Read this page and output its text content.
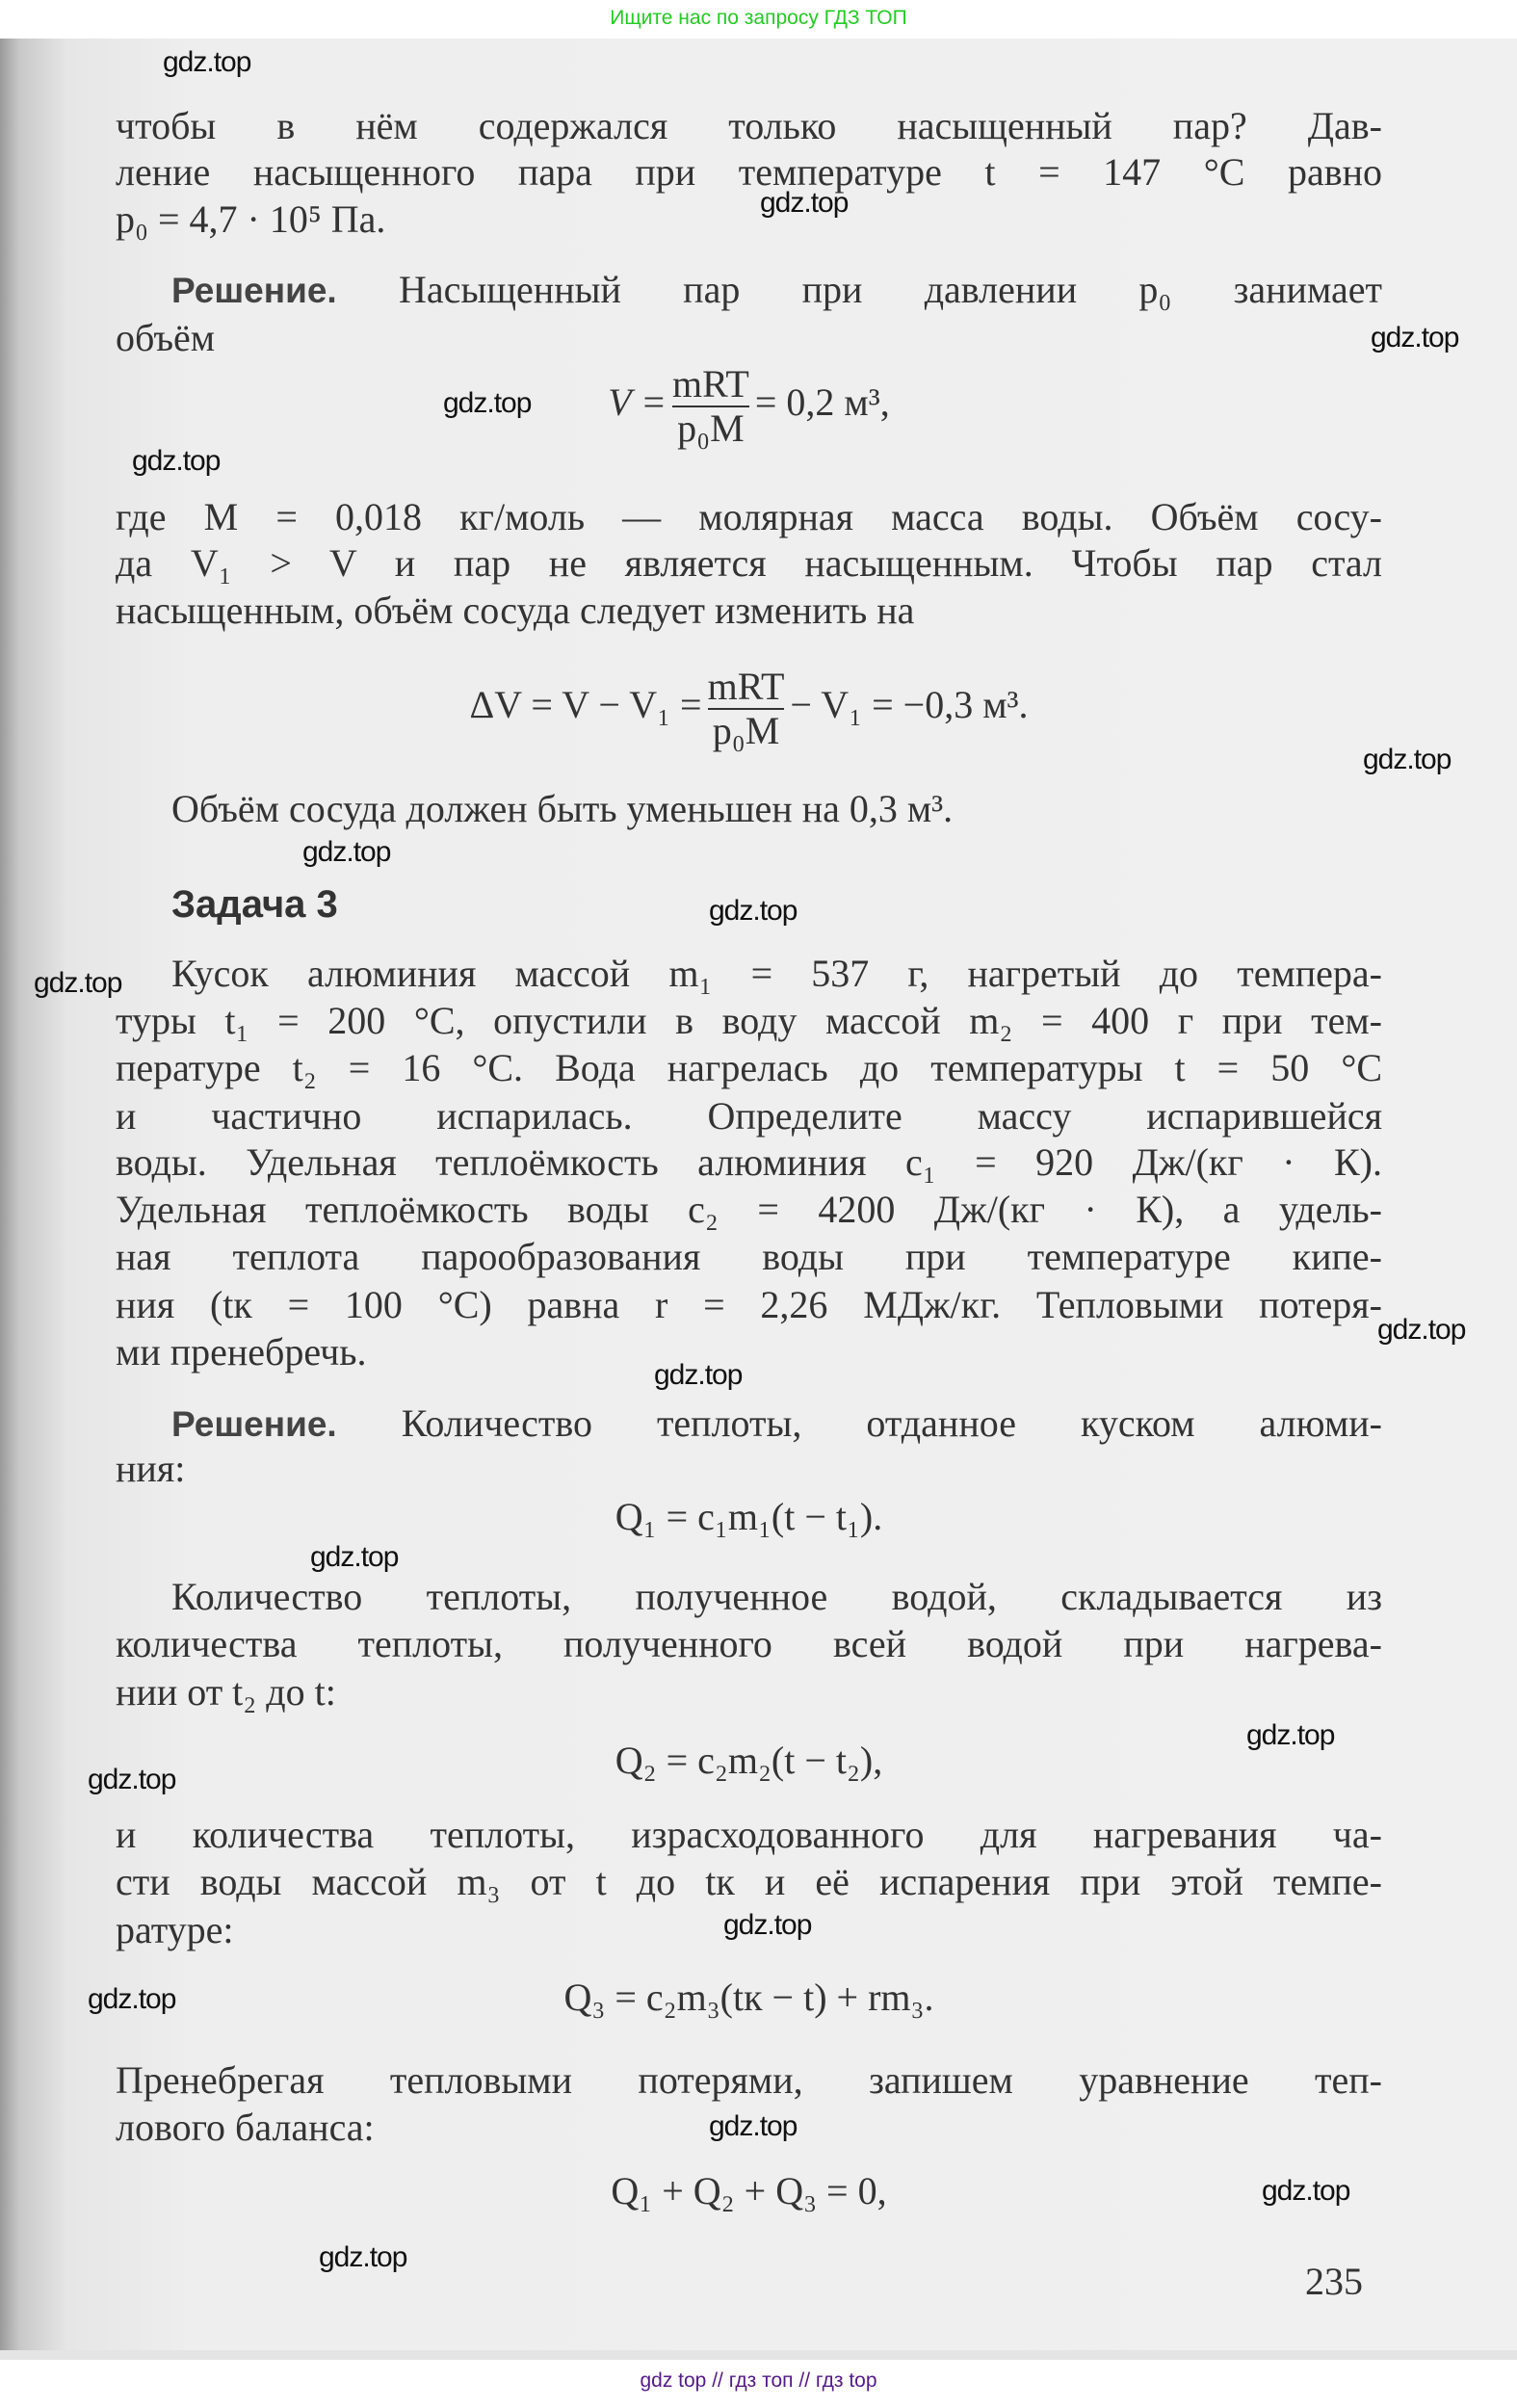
Ищите нас по запросу ГДЗ ТОП
чтобы в нём содержался только насыщенный пар? Дав-
ление насыщенного пара при температуре t = 147 °C равно
p₀ = 4,7 · 10⁵ Па.
Решение. Насыщенный пар при давлении p₀ занимает
объём
$V = \frac{\text{mRT}}{\text{p₀M}} = 0,2$ м³,
где M = 0,018 кг/моль — молярная масса воды. Объём сосу-
да V₁ > V и пар не является насыщенным. Чтобы пар стал
насыщенным, объём сосуда следует изменить на
$\Delta V = V - V_1 = \frac{\text{mRT}}{\text{p₀M}} - V_1 = -0,3$ м³.
Объём сосуда должен быть уменьшен на 0,3 м³.
Задача 3
Кусок алюминия массой m₁ = 537 г, нагретый до темпера-
туры t₁ = 200 °C, опустили в воду массой m₂ = 400 г при тем-
пературе t₂ = 16 °C. Вода нагрелась до температуры t = 50 °C
и частично испарилась. Определите массу испарившейся
воды. Удельная теплоёмкость алюминия c₁ = 920 Дж/(кг · К).
Удельная теплоёмкость воды c₂ = 4200 Дж/(кг · К), а удель-
ная теплота парообразования воды при температуре кипе-
ния (tк = 100 °C) равна r = 2,26 МДж/кг. Тепловыми потеря-
ми пренебречь.
Решение. Количество теплоты, отданное куском алюми-
ния:
Q₁ = c₁m₁(t − t₁).
Количество теплоты, полученное водой, складывается из
количества теплоты, полученного всей водой при нагрева-
нии от t₂ до t:
Q₂ = c₂m₂(t − t₂),
и количества теплоты, израсходованного для нагревания ча-
сти воды массой m₃ от t до tк и её испарения при этой темпе-
ратуре:
Q₃ = c₂m₃(tк − t) + rm₃.
Пренебрегая тепловыми потерями, запишем уравнение теп-
лового баланса:
Q₁ + Q₂ + Q₃ = 0,
235
gdz.top
gdz.top
gdz.top
gdz.top
gdz.top
gdz.top
gdz.top
gdz.top
gdz.top
gdz.top
gdz.top
gdz.top
gdz.top
gdz.top
gdz.top
gdz.top
gdz.top
gdz.top
gdz.top
gdz top // гдз топ // гдз top
